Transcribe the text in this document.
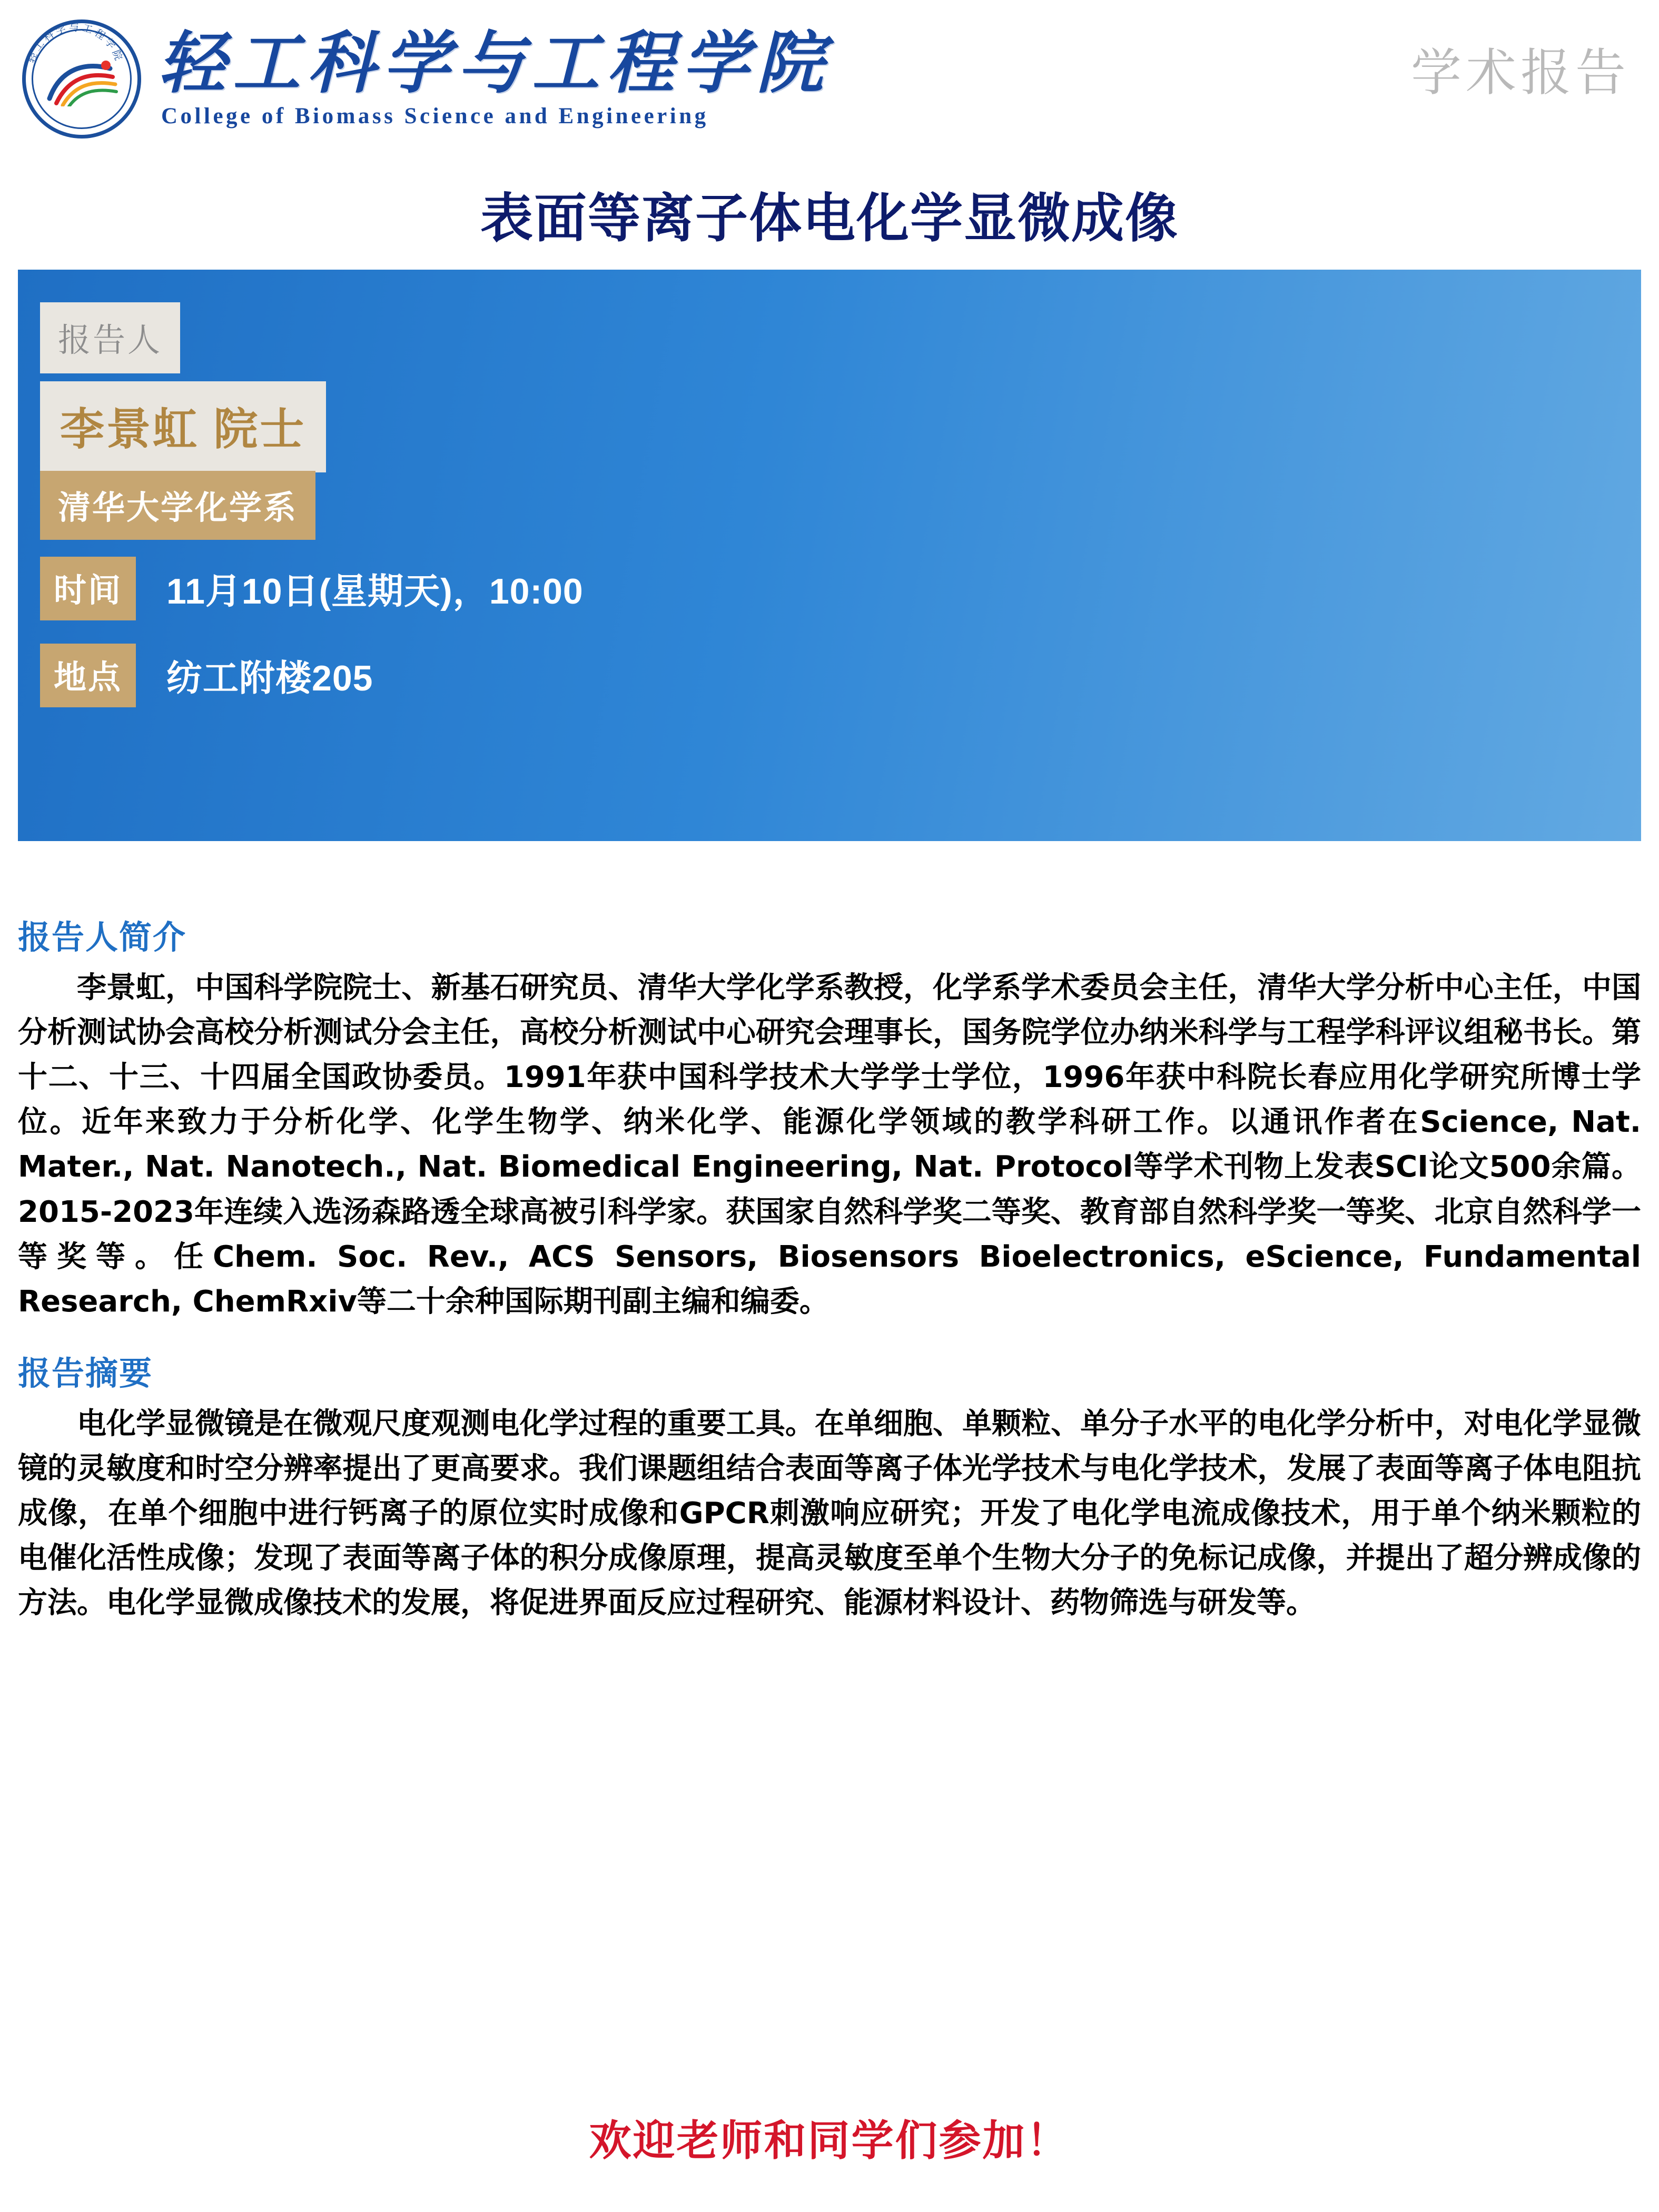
轻工科学与工程学院 轻工科学与工程学院
College of Biomass Science and Engineering
学术报告
表面等离子体电化学显微成像
报告人
李景虹 院士
清华大学化学系
时间	11月10日(星期天)，10:00
地点	纺工附楼205
报告人简介

李景虹，中国科学院院士、新基石研究员、清华大学化学系教授，化学系学术委员会主任，清华大学分析中心主任，中国分析测试协会高校分析测试分会主任，高校分析测试中心研究会理事长，国务院学位办纳米科学与工程学科评议组秘书长。第十二、十三、十四届全国政协委员。1991年获中国科学技术大学学士学位，1996年获中科院长春应用化学研究所博士学位。近年来致力于分析化学、化学生物学、纳米化学、能源化学领域的教学科研工作。以通讯作者在Science, Nat. Mater., Nat. Nanotech., Nat. Biomedical Engineering, Nat. Protocol等学术刊物上发表SCI论文500余篇。2015-2023年连续入选汤森路透全球高被引科学家。获国家自然科学奖二等奖、教育部自然科学奖一等奖、北京自然科学一等奖等。任Chem. Soc. Rev., ACS Sensors, Biosensors Bioelectronics, eScience, Fundamental Research, ChemRxiv等二十余种国际期刊副主编和编委。

报告摘要

电化学显微镜是在微观尺度观测电化学过程的重要工具。在单细胞、单颗粒、单分子水平的电化学分析中，对电化学显微镜的灵敏度和时空分辨率提出了更高要求。我们课题组结合表面等离子体光学技术与电化学技术，发展了表面等离子体电阻抗成像，在单个细胞中进行钙离子的原位实时成像和GPCR刺激响应研究；开发了电化学电流成像技术，用于单个纳米颗粒的电催化活性成像；发现了表面等离子体的积分成像原理，提高灵敏度至单个生物大分子的免标记成像，并提出了超分辨成像的方法。电化学显微成像技术的发展，将促进界面反应过程研究、能源材料设计、药物筛选与研发等。

欢迎老师和同学们参加！
